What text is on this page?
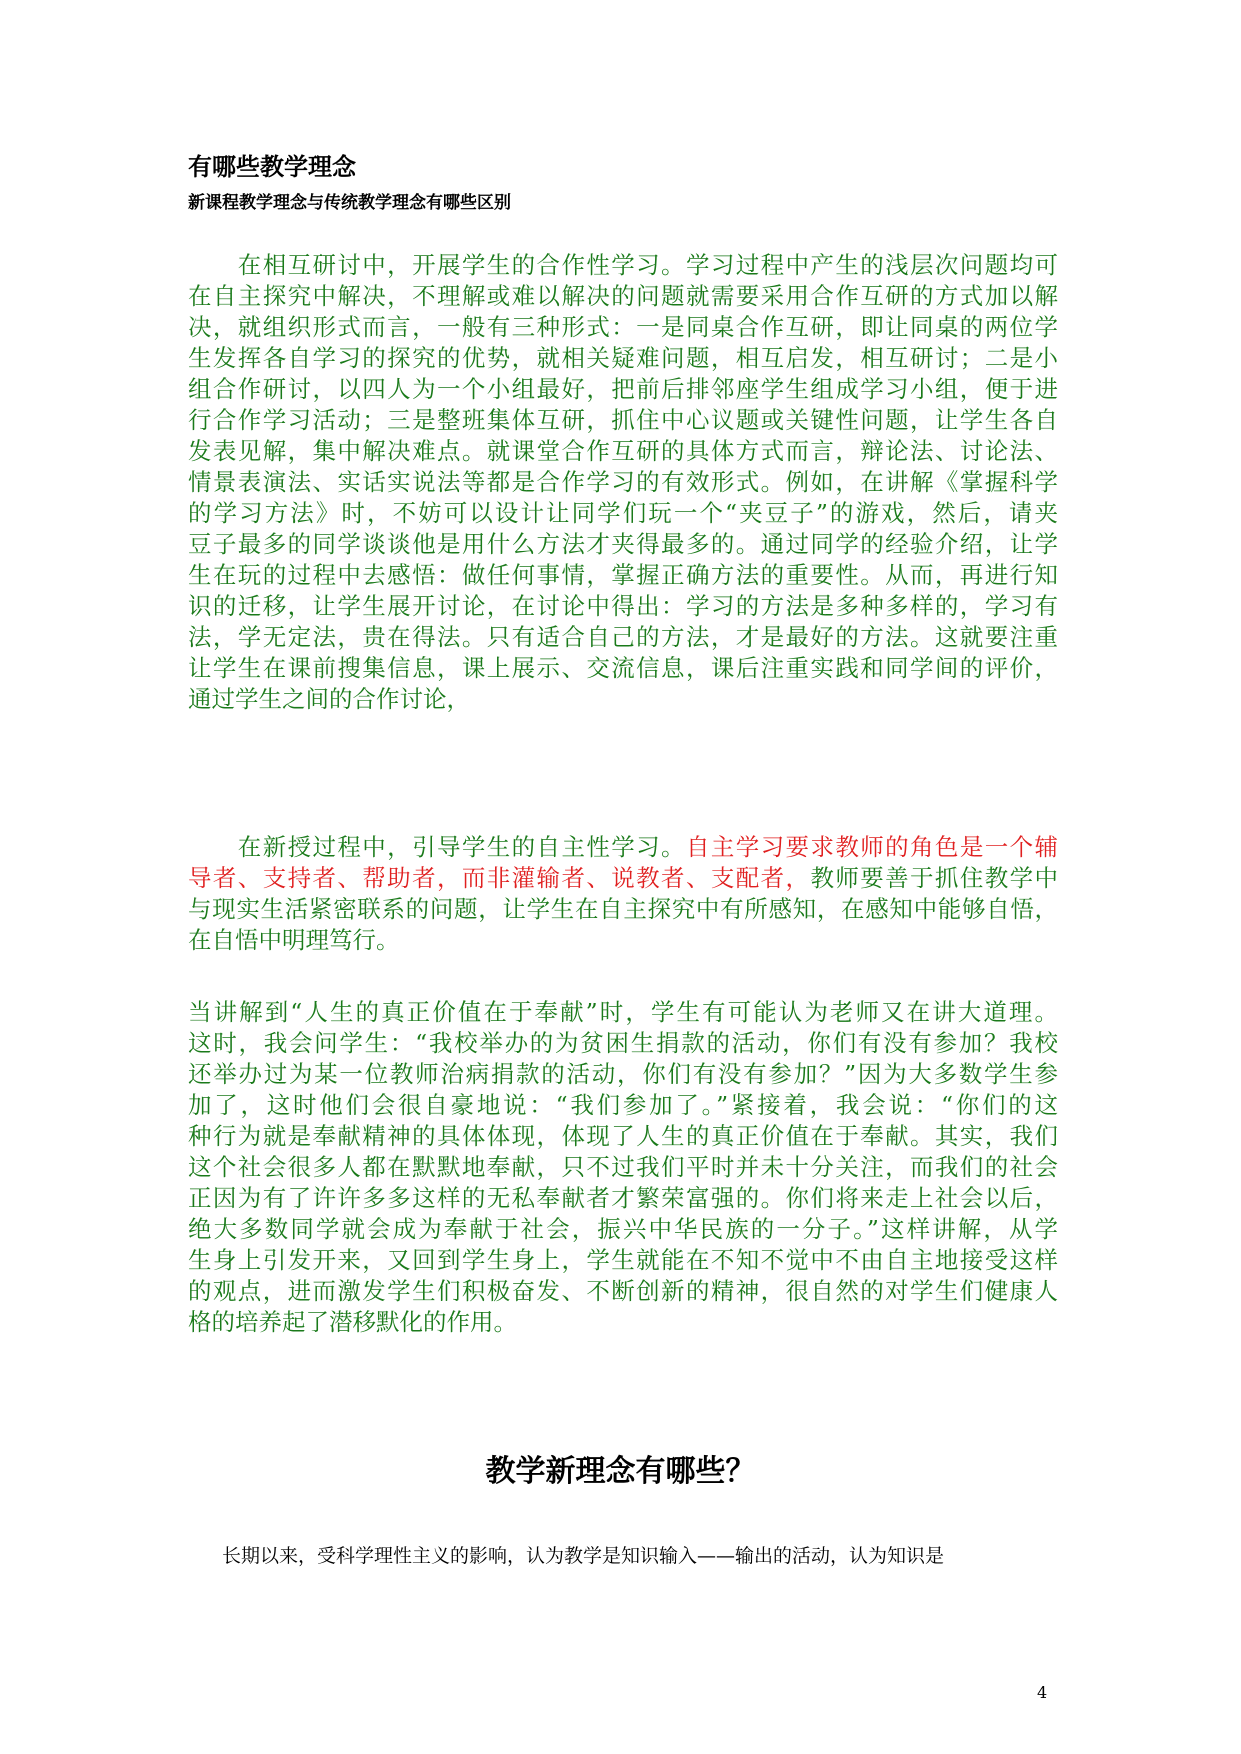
有哪些教学理念
新课程教学理念与传统教学理念有哪些区别
　　在相互研讨中，开展学生的合作性学习。学习过程中产生的浅层次问题均可
在自主探究中解决，不理解或难以解决的问题就需要采用合作互研的方式加以解
决，就组织形式而言，一般有三种形式：一是同桌合作互研，即让同桌的两位学
生发挥各自学习的探究的优势，就相关疑难问题，相互启发，相互研讨；二是小
组合作研讨，以四人为一个小组最好，把前后排邻座学生组成学习小组，便于进
行合作学习活动；三是整班集体互研，抓住中心议题或关键性问题，让学生各自
发表见解，集中解决难点。就课堂合作互研的具体方式而言，辩论法、讨论法、
情景表演法、实话实说法等都是合作学习的有效形式。例如，在讲解《掌握科学
的学习方法》时，不妨可以设计让同学们玩一个“夹豆子”的游戏，然后，请夹
豆子最多的同学谈谈他是用什么方法才夹得最多的。通过同学的经验介绍，让学
生在玩的过程中去感悟：做任何事情，掌握正确方法的重要性。从而，再进行知
识的迁移，让学生展开讨论，在讨论中得出：学习的方法是多种多样的，学习有
法，学无定法，贵在得法。只有适合自己的方法，才是最好的方法。这就要注重
让学生在课前搜集信息，课上展示、交流信息，课后注重实践和同学间的评价，
通过学生之间的合作讨论，
　　在新授过程中，引导学生的自主性学习。自主学习要求教师的角色是一个辅
导者、支持者、帮助者，而非灌输者、说教者、支配者，教师要善于抓住教学中
与现实生活紧密联系的问题，让学生在自主探究中有所感知，在感知中能够自悟，
在自悟中明理笃行。
当讲解到“人生的真正价值在于奉献”时，学生有可能认为老师又在讲大道理。
这时，我会问学生：“我校举办的为贫困生捐款的活动，你们有没有参加？我校
还举办过为某一位教师治病捐款的活动，你们有没有参加？”因为大多数学生参
加了，这时他们会很自豪地说：“我们参加了。”紧接着，我会说：“你们的这
种行为就是奉献精神的具体体现，体现了人生的真正价值在于奉献。其实，我们
这个社会很多人都在默默地奉献，只不过我们平时并未十分关注，而我们的社会
正因为有了许许多多这样的无私奉献者才繁荣富强的。你们将来走上社会以后，
绝大多数同学就会成为奉献于社会，振兴中华民族的一分子。”这样讲解，从学
生身上引发开来，又回到学生身上，学生就能在不知不觉中不由自主地接受这样
的观点，进而激发学生们积极奋发、不断创新的精神，很自然的对学生们健康人
格的培养起了潜移默化的作用。
教学新理念有哪些？
长期以来，受科学理性主义的影响，认为教学是知识输入——输出的活动，认为知识是
4
